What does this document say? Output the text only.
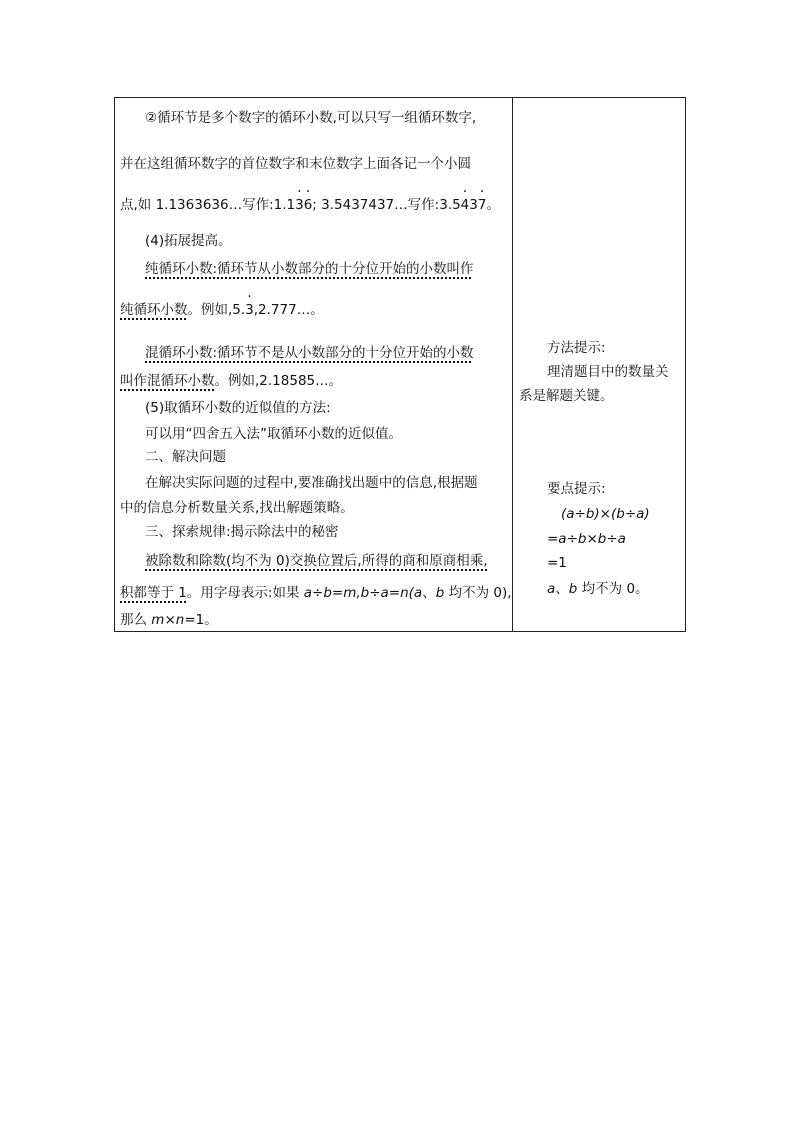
②循环节是多个数字的循环小数,可以只写一组循环数字,
并在这组循环数字的首位数字和末位数字上面各记一个小圆
点,如 1.1363636…写作:1.1· 3· 6; 3.5437437…写作:3.5· 43· 7。
(4)拓展提高。
纯循环小数:循环节从小数部分的十分位开始的小数叫作
纯循环小数。例如,5.· 3,2.777…。
混循环小数:循环节不是从小数部分的十分位开始的小数
叫作混循环小数。例如,2.18585…。
(5)取循环小数的近似值的方法:
可以用“四舍五入法”取循环小数的近似值。
二、解决问题
在解决实际问题的过程中,要准确找出题中的信息,根据题
中的信息分析数量关系,找出解题策略。
三、探索规律:揭示除法中的秘密
被除数和除数(均不为 0)交换位置后,所得的商和原商相乘,
积都等于 1。用字母表示:如果 a÷b=m,b÷a=n(a、b 均不为 0),
那么 m×n=1。
方法提示:
理清题目中的数量关
系是解题关键。
要点提示:
(a÷b)×(b÷a)
=a÷b×b÷a
=1
a、b 均不为 0。
